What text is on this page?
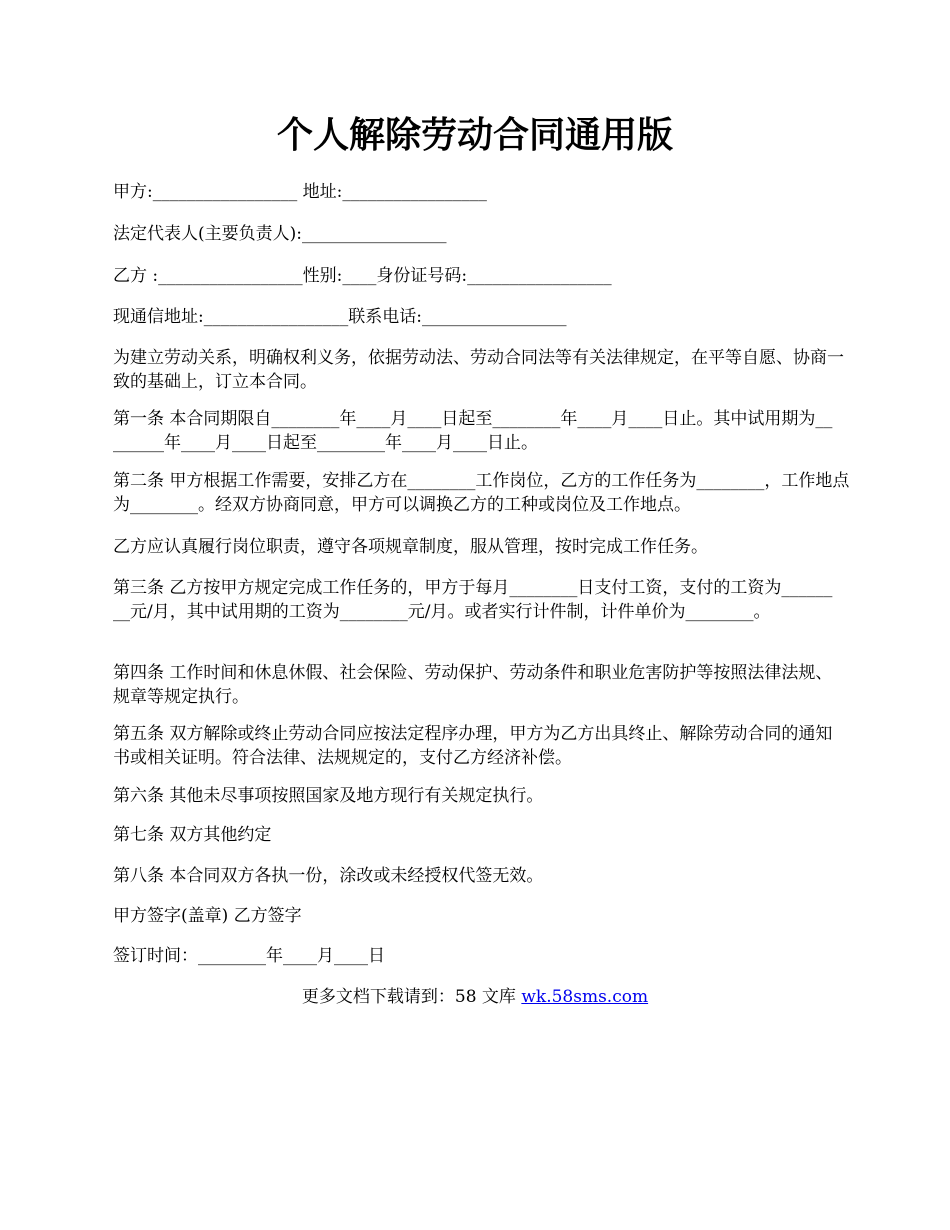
个人解除劳动合同通用版
甲方:_________________ 地址:_________________
法定代表人(主要负责人):_________________
乙方 :_________________性别:____身份证号码:_________________
现通信地址:_________________联系电话:_________________
为建立劳动关系，明确权利义务，依据劳动法、劳动合同法等有关法律规定，在平等自愿、协商一致的基础上，订立本合同。
第一条 本合同期限自________年____月____日起至________年____月____日止。其中试用期为________年____月____日起至________年____月____日止。
第二条 甲方根据工作需要，安排乙方在________工作岗位，乙方的工作任务为________，工作地点为________。经双方协商同意，甲方可以调换乙方的工种或岗位及工作地点。
乙方应认真履行岗位职责，遵守各项规章制度，服从管理，按时完成工作任务。
第三条 乙方按甲方规定完成工作任务的，甲方于每月________日支付工资，支付的工资为________元/月，其中试用期的工资为________元/月。或者实行计件制，计件单价为________。
第四条 工作时间和休息休假、社会保险、劳动保护、劳动条件和职业危害防护等按照法律法规、规章等规定执行。
第五条 双方解除或终止劳动合同应按法定程序办理，甲方为乙方出具终止、解除劳动合同的通知书或相关证明。符合法律、法规规定的，支付乙方经济补偿。
第六条 其他未尽事项按照国家及地方现行有关规定执行。
第七条 双方其他约定
第八条 本合同双方各执一份，涂改或未经授权代签无效。
甲方签字(盖章) 乙方签字
签订时间：________年____月____日
更多文档下载请到：58 文库 wk.58sms.com
